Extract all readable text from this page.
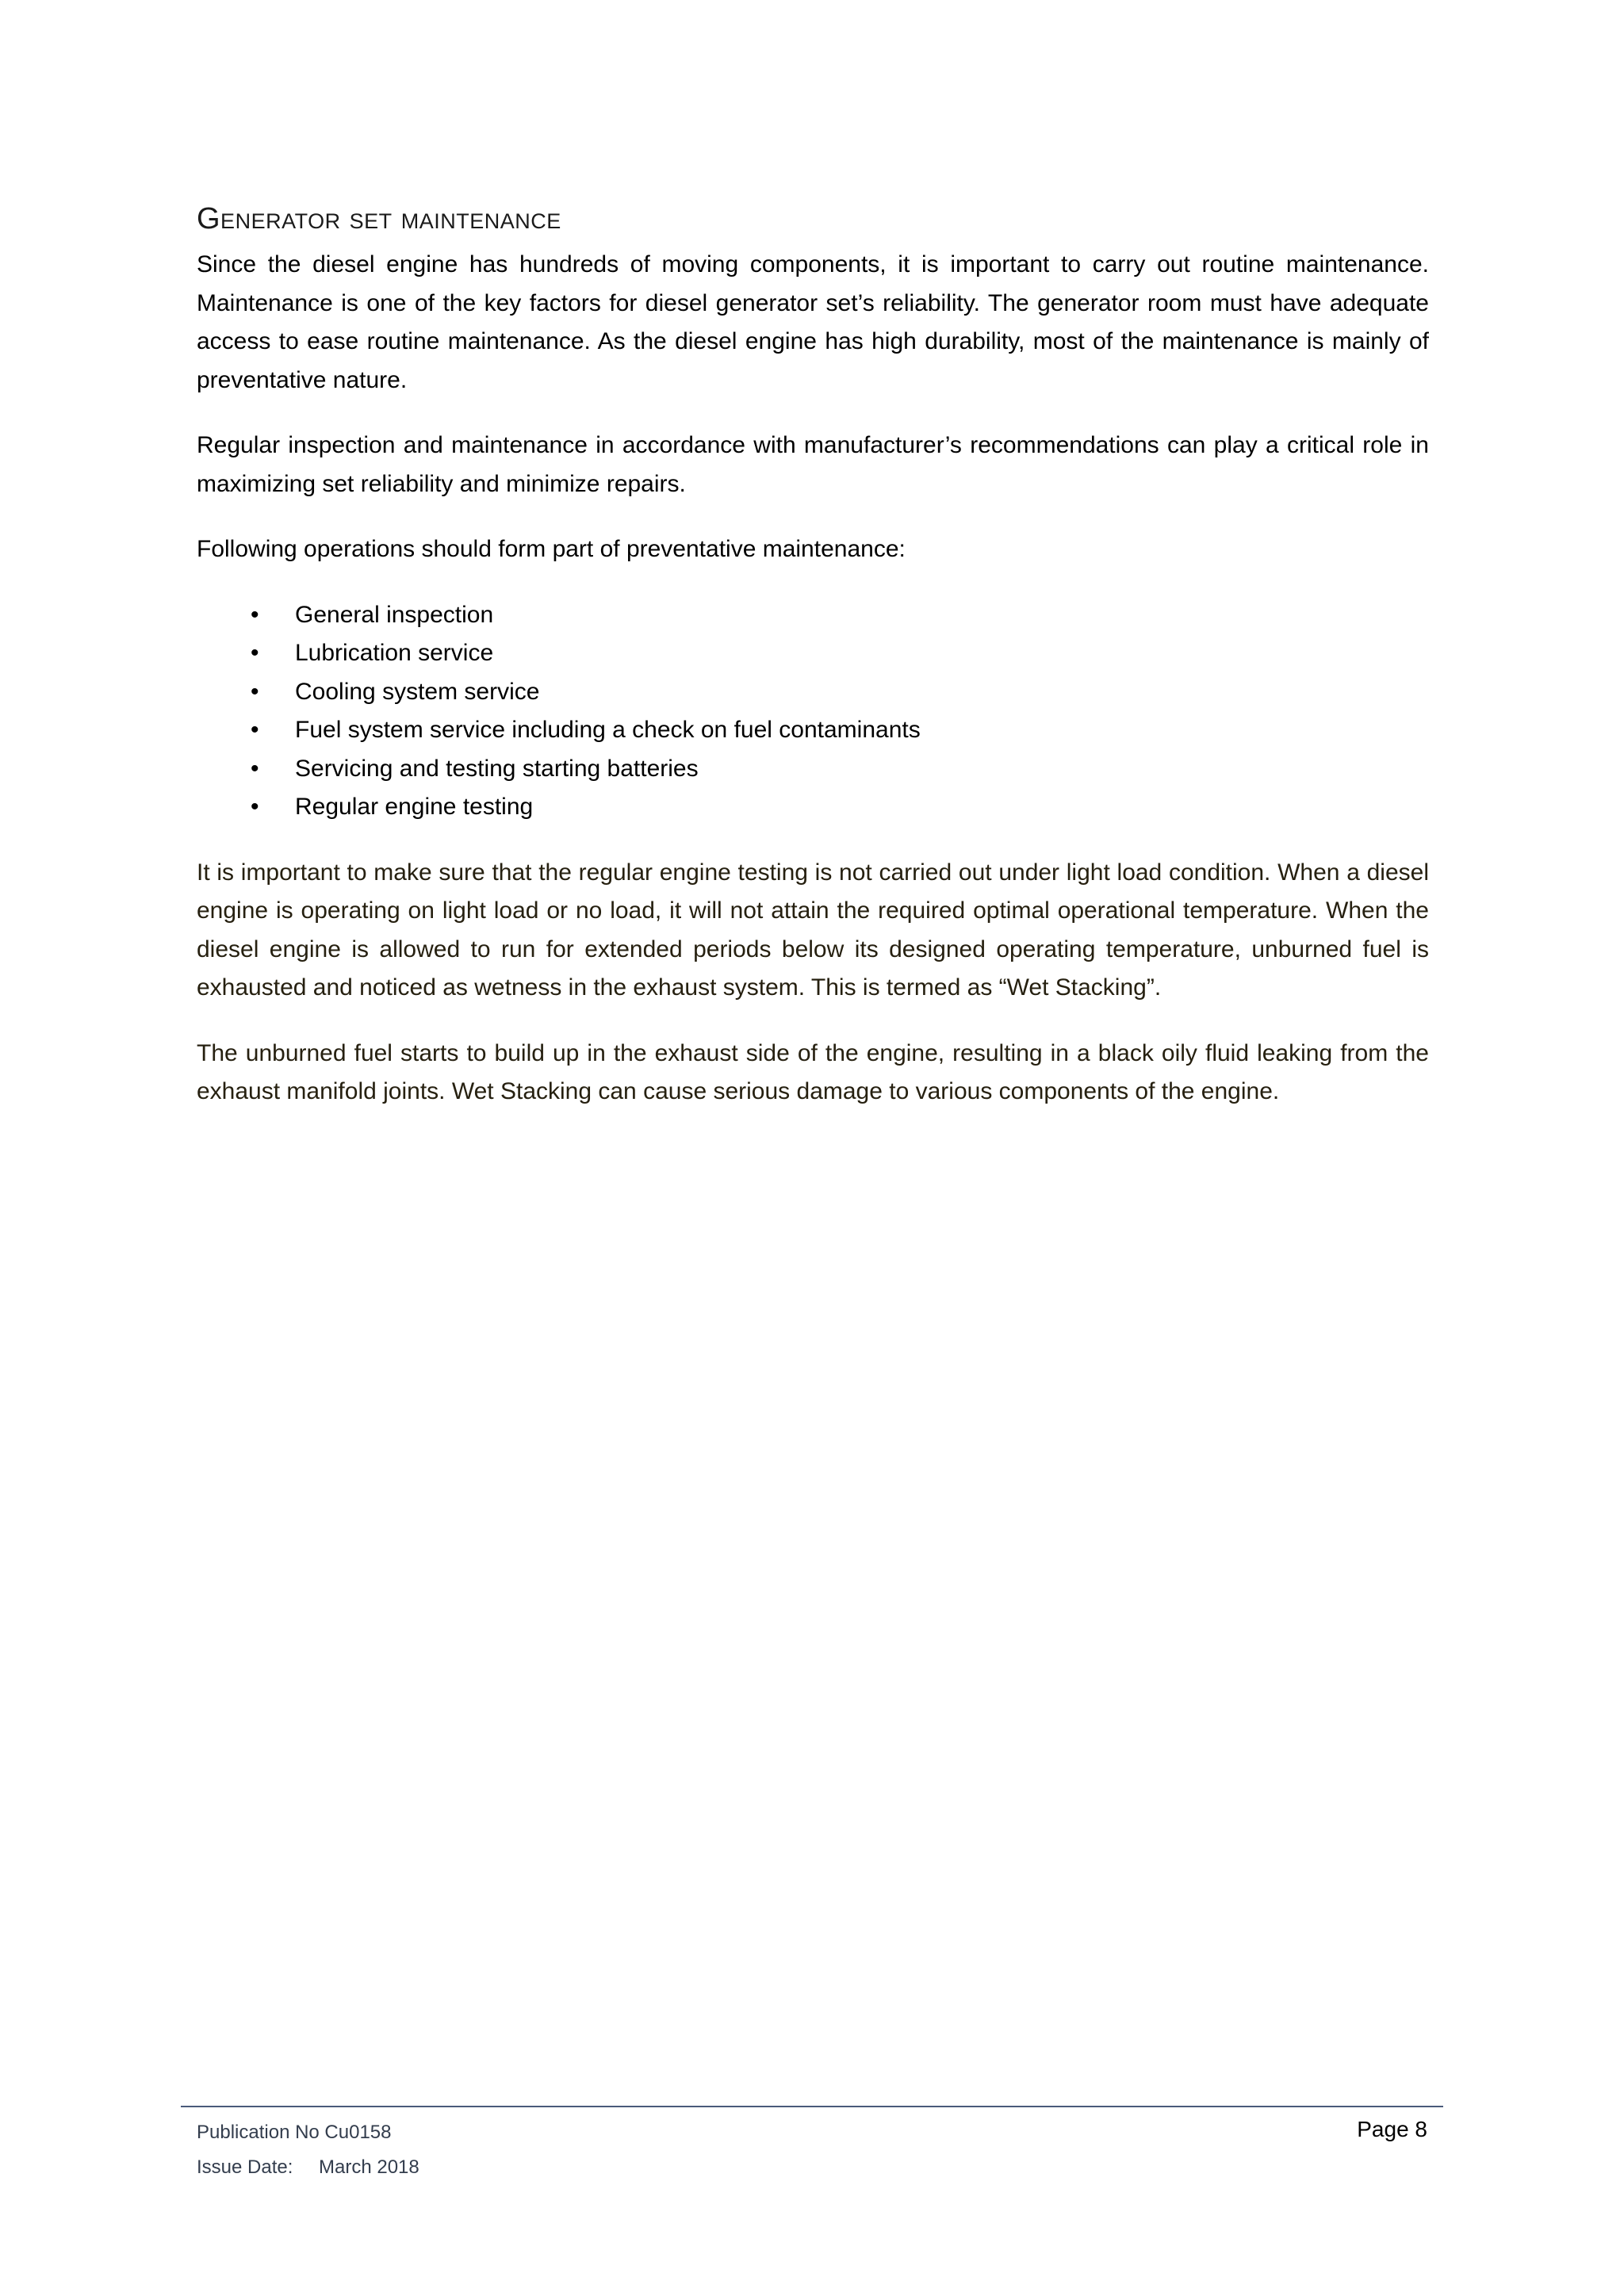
Generator set maintenance

Since the diesel engine has hundreds of moving components, it is important to carry out routine maintenance. Maintenance is one of the key factors for diesel generator set’s reliability. The generator room must have adequate access to ease routine maintenance. As the diesel engine has high durability, most of the maintenance is mainly of preventative nature.

Regular inspection and maintenance in accordance with manufacturer’s recommendations can play a critical role in maximizing set reliability and minimize repairs.

Following operations should form part of preventative maintenance:

• General inspection
• Lubrication service
• Cooling system service
• Fuel system service including a check on fuel contaminants
• Servicing and testing starting batteries
• Regular engine testing

It is important to make sure that the regular engine testing is not carried out under light load condition. When a diesel engine is operating on light load or no load, it will not attain the required optimal operational temperature. When the diesel engine is allowed to run for extended periods below its designed operating temperature, unburned fuel is exhausted and noticed as wetness in the exhaust system. This is termed as “Wet Stacking”.

The unburned fuel starts to build up in the exhaust side of the engine, resulting in a black oily fluid leaking from the exhaust manifold joints. Wet Stacking can cause serious damage to various components of the engine.

Publication No Cu0158
Issue Date: March 2018
Page 8
